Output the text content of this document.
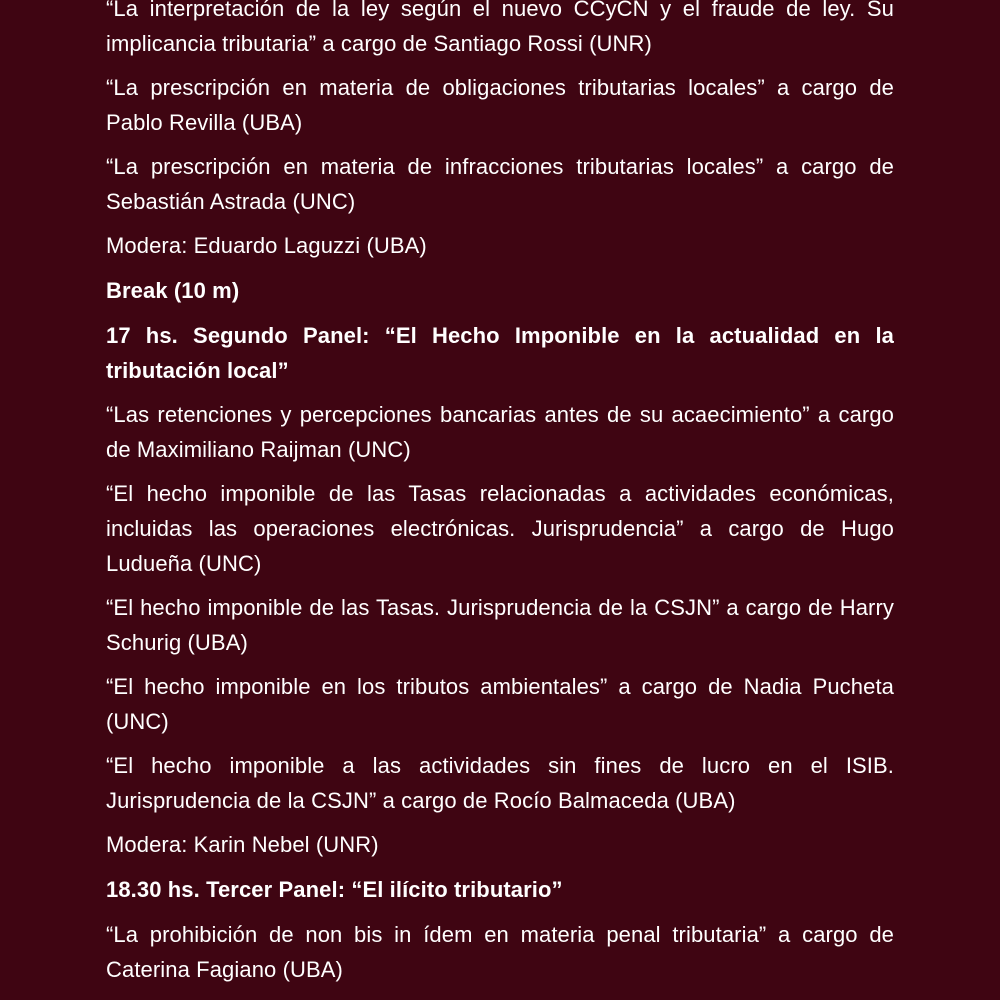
“La interpretación de la ley según el nuevo CCyCN y el fraude de ley. Su implicancia tributaria” a cargo de Santiago Rossi (UNR)

“La prescripción en materia de obligaciones tributarias locales” a cargo de Pablo Revilla (UBA)

“La prescripción en materia de infracciones tributarias locales” a cargo de Sebastián Astrada (UNC)

Modera: Eduardo Laguzzi (UBA)

Break (10 m)

17 hs. Segundo Panel: “El Hecho Imponible en la actualidad en la tributación local”

“Las retenciones y percepciones bancarias antes de su acaecimiento” a cargo de Maximiliano Raijman (UNC)

“El hecho imponible de las Tasas relacionadas a actividades económicas, incluidas las operaciones electrónicas. Jurisprudencia” a cargo de Hugo Ludueña (UNC)

“El hecho imponible de las Tasas. Jurisprudencia de la CSJN” a cargo de Harry Schurig (UBA)

“El hecho imponible en los tributos ambientales” a cargo de Nadia Pucheta (UNC)

“El hecho imponible a las actividades sin fines de lucro en el ISIB. Jurisprudencia de la CSJN” a cargo de Rocío Balmaceda (UBA)

Modera: Karin Nebel (UNR)

18.30 hs. Tercer Panel: “El ilícito tributario”

“La prohibición de non bis in ídem en materia penal tributaria” a cargo de Caterina Fagiano (UBA)
